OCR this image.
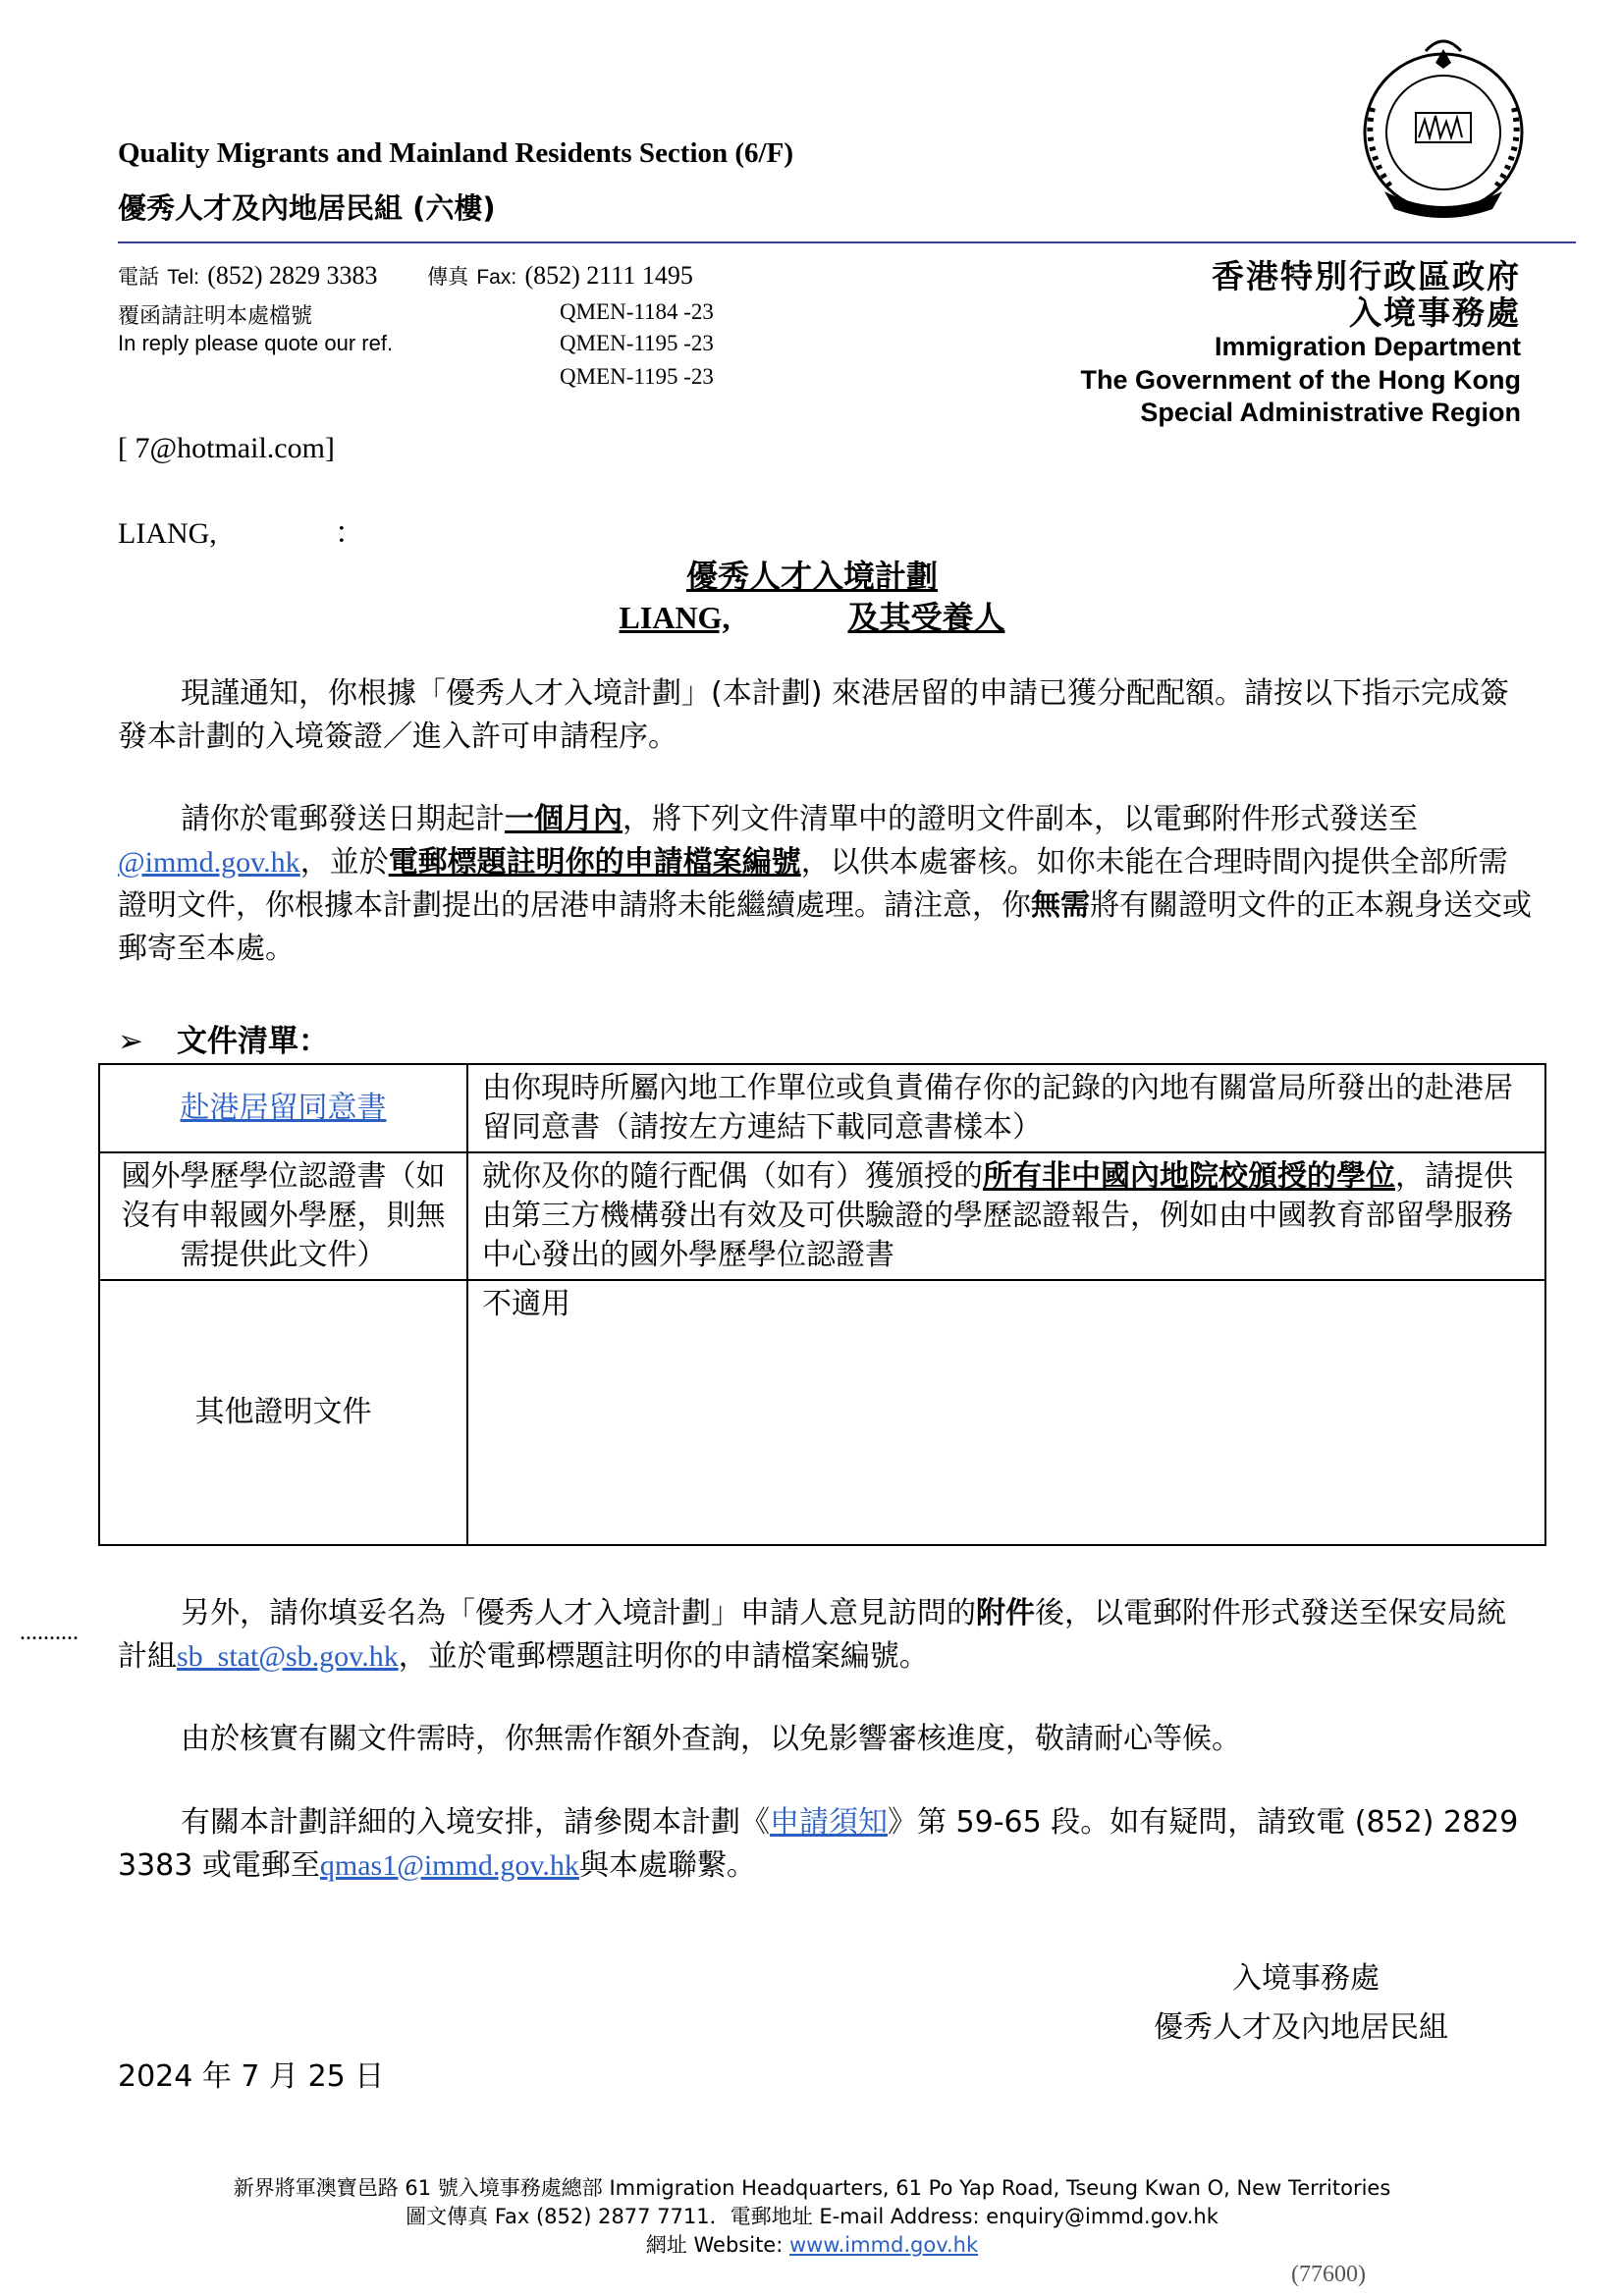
Quality Migrants and Mainland Residents Section (6/F)
優秀人才及內地居民組 (六樓)
電話 Tel: (852) 2829 3383 傳真 Fax: (852) 2111 1495
覆函請註明本處檔號
In reply please quote our ref.
QMEN-1184 -23
QMEN-1195 -23
QMEN-1195 -23
香港特別行政區政府
入境事務處
Immigration Department
The Government of the Hong Kong
Special Administrative Region
[ 7@hotmail.com]
LIANG,	：
優秀人才入境計劃
LIANG,	及其受養人
現謹通知，你根據「優秀人才入境計劃」(本計劃) 來港居留的申請已獲分配配額。請按以下指示完成簽發本計劃的入境簽證／進入許可申請程序。
請你於電郵發送日期起計一個月內，將下列文件清單中的證明文件副本，以電郵附件形式發送至@immd.gov.hk，並於電郵標題註明你的申請檔案編號，以供本處審核。如你未能在合理時間內提供全部所需證明文件，你根據本計劃提出的居港申請將未能繼續處理。請注意，你無需將有關證明文件的正本親身送交或郵寄至本處。
➢ 文件清單：
赴港居留同意書	由你現時所屬內地工作單位或負責備存你的記錄的內地有關當局所發出的赴港居留同意書（請按左方連結下載同意書樣本）
國外學歷學位認證書（如沒有申報國外學歷，則無需提供此文件）	就你及你的隨行配偶（如有）獲頒授的所有非中國內地院校頒授的學位，請提供由第三方機構發出有效及可供驗證的學歷認證報告，例如由中國教育部留學服務中心發出的國外學歷學位認證書
其他證明文件	不適用
..........
另外，請你填妥名為「優秀人才入境計劃」申請人意見訪問的附件後，以電郵附件形式發送至保安局統計組sb_stat@sb.gov.hk，並於電郵標題註明你的申請檔案編號。
由於核實有關文件需時，你無需作額外查詢，以免影響審核進度，敬請耐心等候。
有關本計劃詳細的入境安排，請參閱本計劃《申請須知》第 59-65 段。如有疑問，請致電 (852) 2829 3383 或電郵至qmas1@immd.gov.hk與本處聯繫。
入境事務處
優秀人才及內地居民組
2024 年 7 月 25 日
新界將軍澳寶邑路 61 號入境事務處總部 Immigration Headquarters, 61 Po Yap Road, Tseung Kwan O, New Territories
圖文傳真 Fax (852) 2877 7711．電郵地址 E-mail Address: enquiry@immd.gov.hk
網址 Website: www.immd.gov.hk
(77600)
